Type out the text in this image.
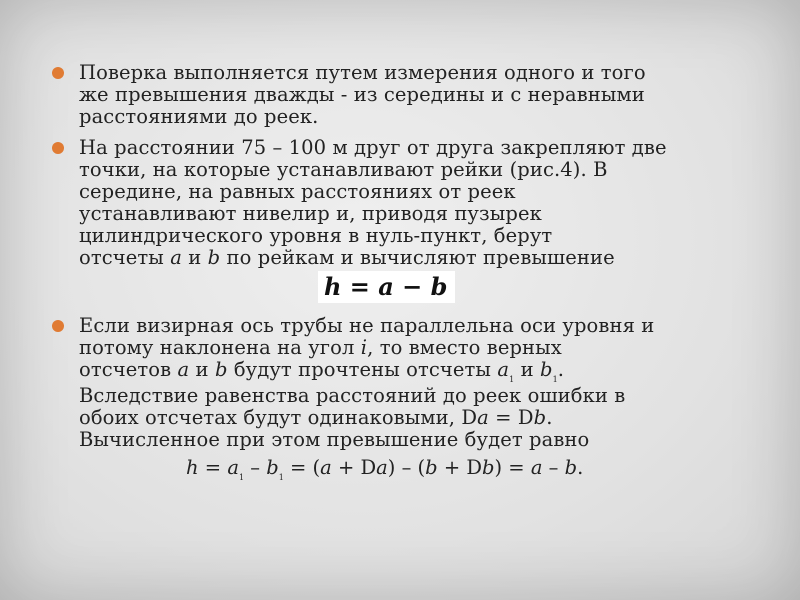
Поверка выполняется путем измерения одного и того
же превышения дважды - из середины и с неравными
расстояниями до реек.
На расстоянии 75 – 100 м друг от друга закрепляют две
точки, на которые устанавливают рейки (рис.4). В
середине, на равных расстояниях от реек
устанавливают нивелир и, приводя пузырек
цилиндрического уровня в нуль-пункт, берут
отсчеты а и b по рейкам и вычисляют превышение
h = a − b
Если визирная ось трубы не параллельна оси уровня и
потому наклонена на угол i, то вместо верных
отсчетов а и b будут прочтены отсчеты $а_1$ и $b_1$.
Вследствие равенства расстояний до реек ошибки в
обоих отсчетах будут одинаковыми, Dа = Db.
Вычисленное при этом превышение будет равно
$h = a_1 - b_1 = (a + Da) - (b + Db) = a - b$.
